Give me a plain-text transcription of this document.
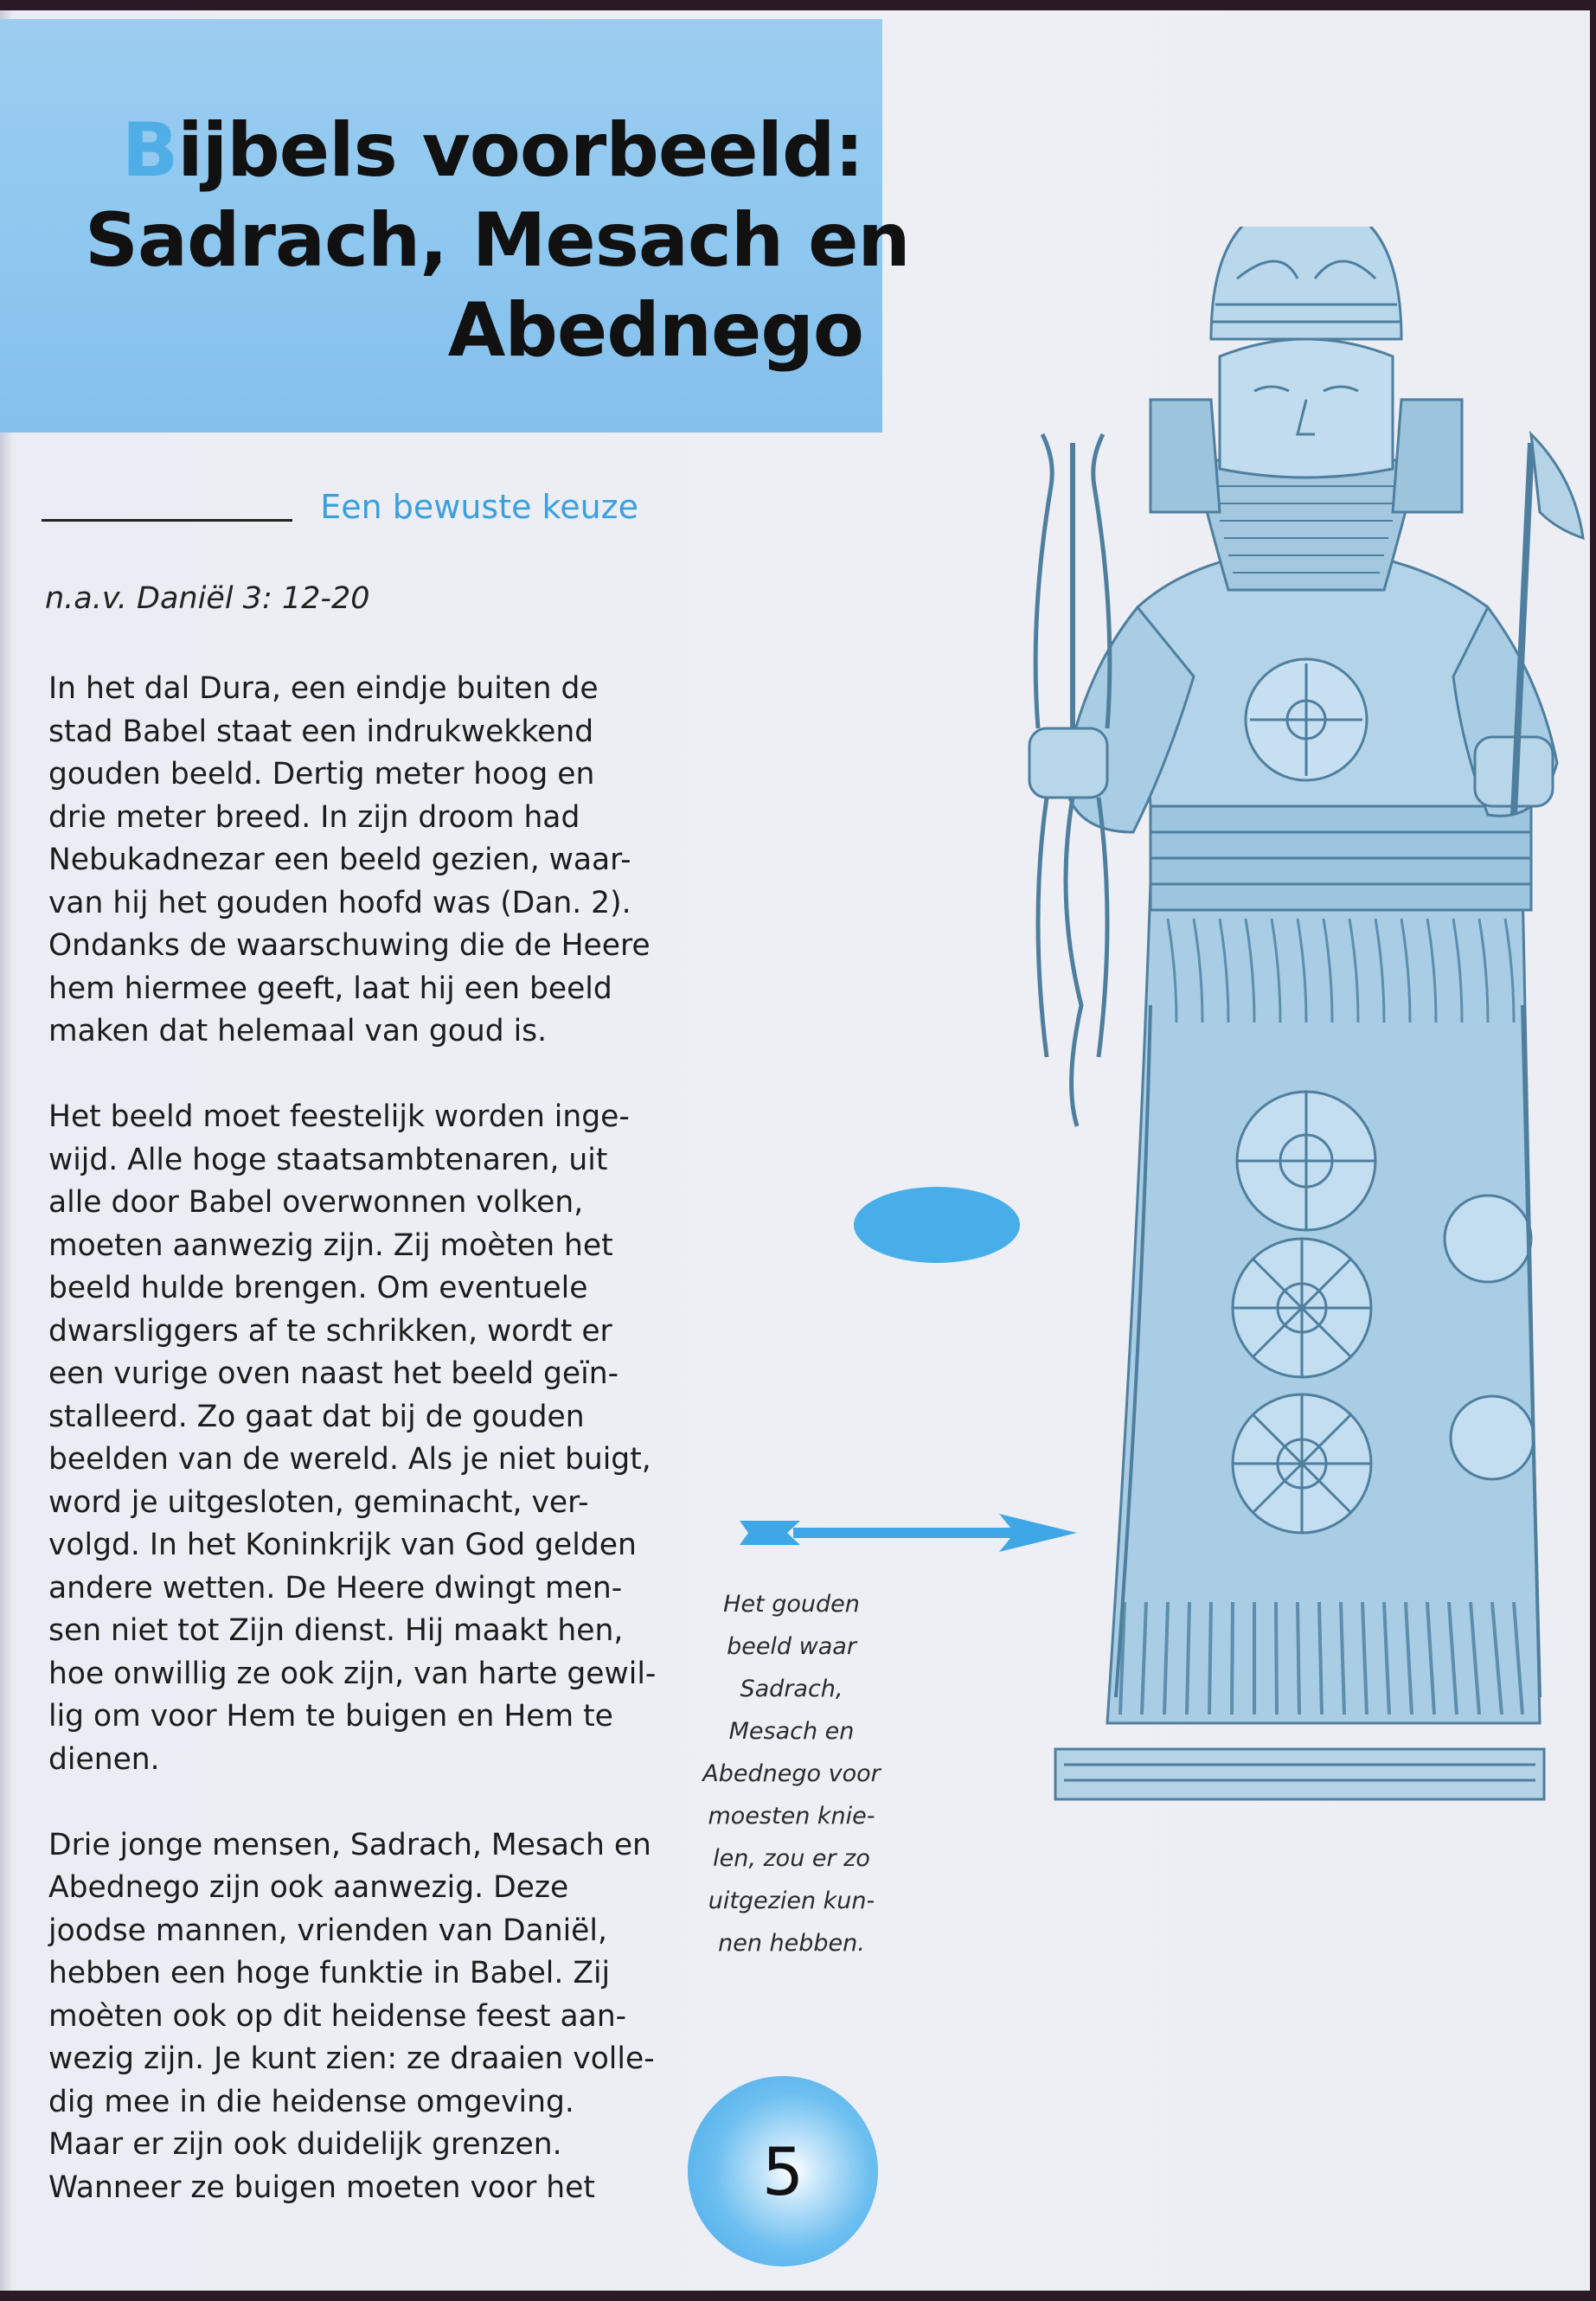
Bijbels voorbeeld:
Sadrach, Mesach en
Abednego
Een bewuste keuze
n.a.v. Daniël 3: 12-20
In het dal Dura, een eindje buiten de
stad Babel staat een indrukwekkend
gouden beeld. Dertig meter hoog en
drie meter breed. In zijn droom had
Nebukadnezar een beeld gezien, waar-
van hij het gouden hoofd was (Dan. 2).
Ondanks de waarschuwing die de Heere
hem hiermee geeft, laat hij een beeld
maken dat helemaal van goud is.
Het beeld moet feestelijk worden inge-
wijd. Alle hoge staatsambtenaren, uit
alle door Babel overwonnen volken,
moeten aanwezig zijn. Zij moèten het
beeld hulde brengen. Om eventuele
dwarsliggers af te schrikken, wordt er
een vurige oven naast het beeld geïn-
stalleerd. Zo gaat dat bij de gouden
beelden van de wereld. Als je niet buigt,
word je uitgesloten, geminacht, ver-
volgd. In het Koninkrijk van God gelden
andere wetten. De Heere dwingt men-
sen niet tot Zijn dienst. Hij maakt hen,
hoe onwillig ze ook zijn, van harte gewil-
lig om voor Hem te buigen en Hem te
dienen.
Drie jonge mensen, Sadrach, Mesach en
Abednego zijn ook aanwezig. Deze
joodse mannen, vrienden van Daniël,
hebben een hoge funktie in Babel. Zij
moèten ook op dit heidense feest aan-
wezig zijn. Je kunt zien: ze draaien volle-
dig mee in die heidense omgeving.
Maar er zijn ook duidelijk grenzen.
Wanneer ze buigen moeten voor het
Het gouden
beeld waar
Sadrach,
Mesach en
Abednego voor
moesten knie-
len, zou er zo
uitgezien kun-
nen hebben.
5
